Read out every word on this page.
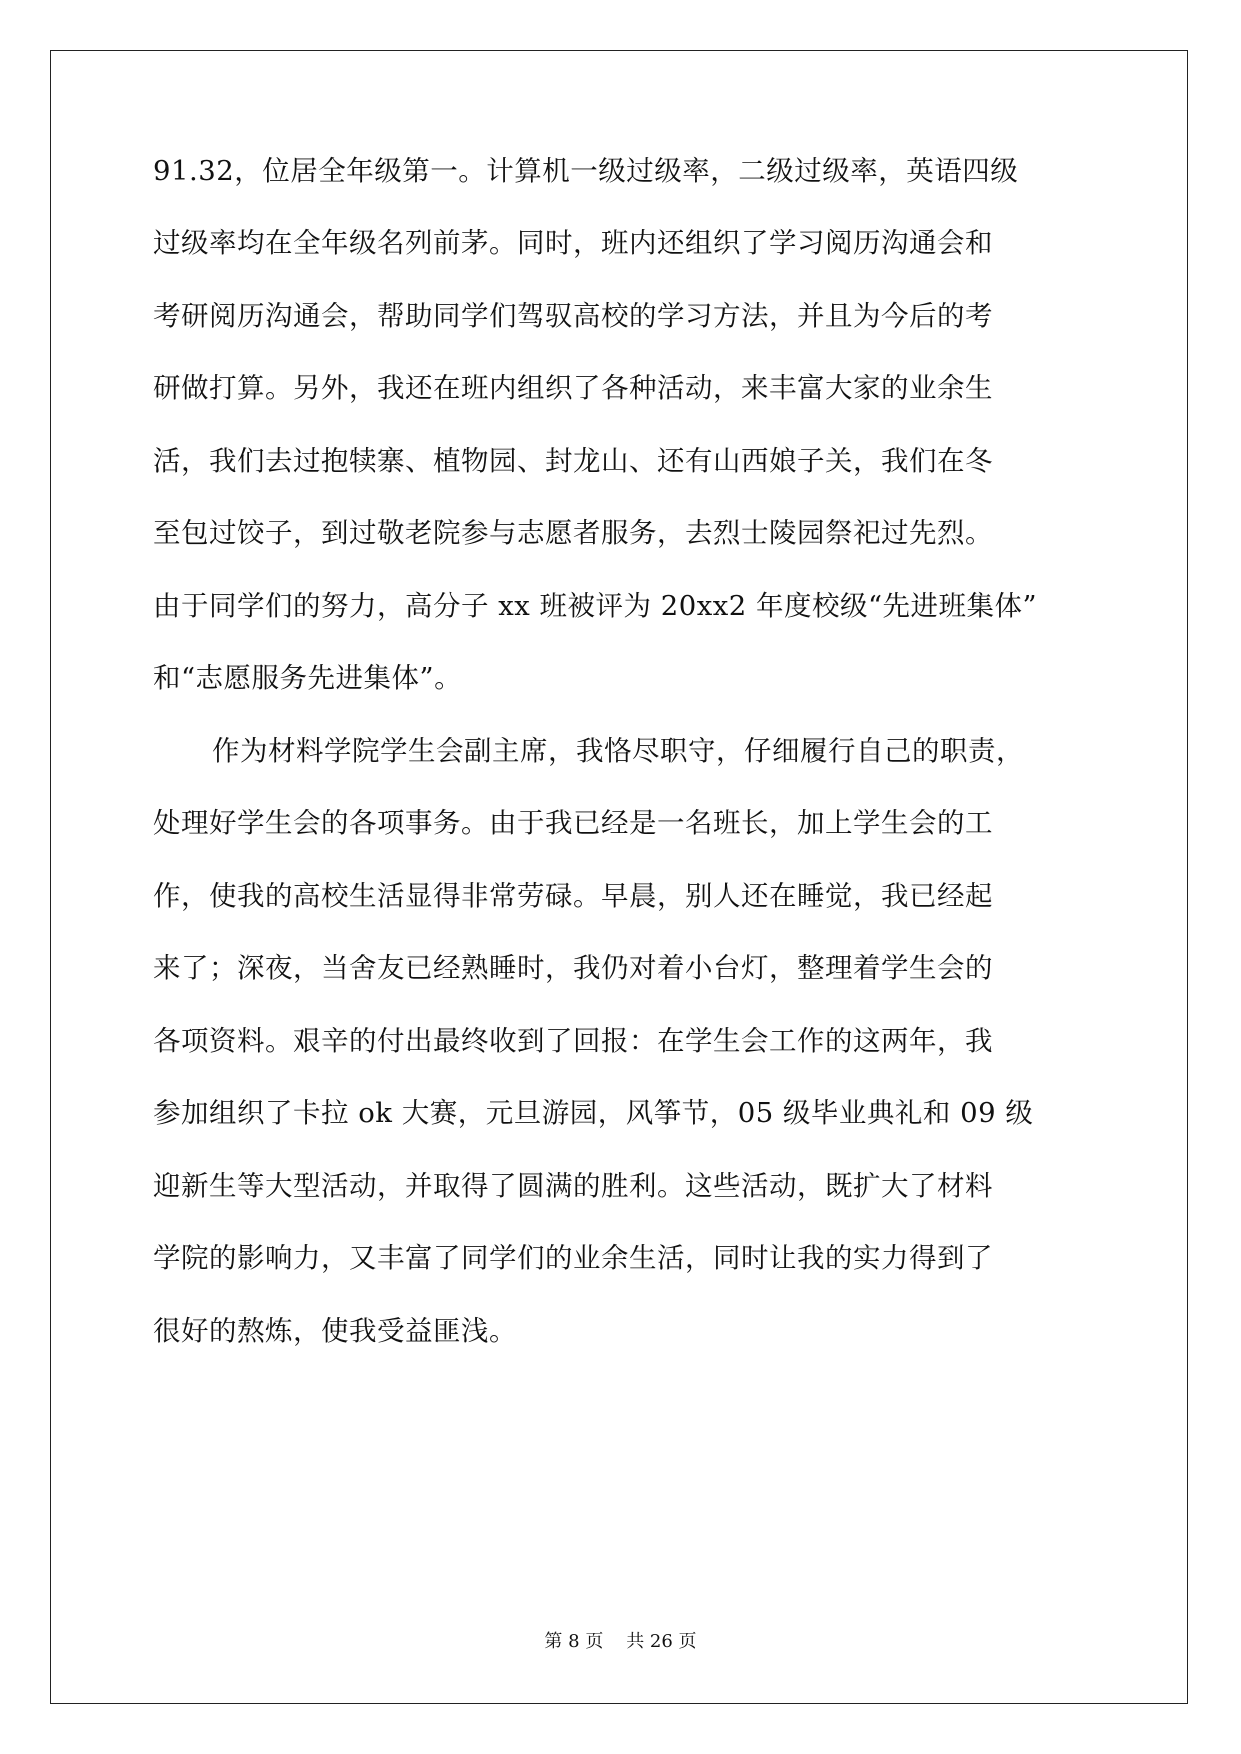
91.32，位居全年级第一。计算机一级过级率，二级过级率，英语四级
过级率均在全年级名列前茅。同时，班内还组织了学习阅历沟通会和
考研阅历沟通会，帮助同学们驾驭高校的学习方法，并且为今后的考
研做打算。另外，我还在班内组织了各种活动，来丰富大家的业余生
活，我们去过抱犊寨、植物园、封龙山、还有山西娘子关，我们在冬
至包过饺子，到过敬老院参与志愿者服务，去烈士陵园祭祀过先烈。
由于同学们的努力，高分子 xx 班被评为 20xx2 年度校级“先进班集体”
和“志愿服务先进集体”。
作为材料学院学生会副主席，我恪尽职守，仔细履行自己的职责，
处理好学生会的各项事务。由于我已经是一名班长，加上学生会的工
作，使我的高校生活显得非常劳碌。早晨，别人还在睡觉，我已经起
来了；深夜，当舍友已经熟睡时，我仍对着小台灯，整理着学生会的
各项资料。艰辛的付出最终收到了回报：在学生会工作的这两年，我
参加组织了卡拉 ok 大赛，元旦游园，风筝节，05 级毕业典礼和 09 级
迎新生等大型活动，并取得了圆满的胜利。这些活动，既扩大了材料
学院的影响力，又丰富了同学们的业余生活，同时让我的实力得到了
很好的熬炼，使我受益匪浅。
第 8 页    共 26 页
